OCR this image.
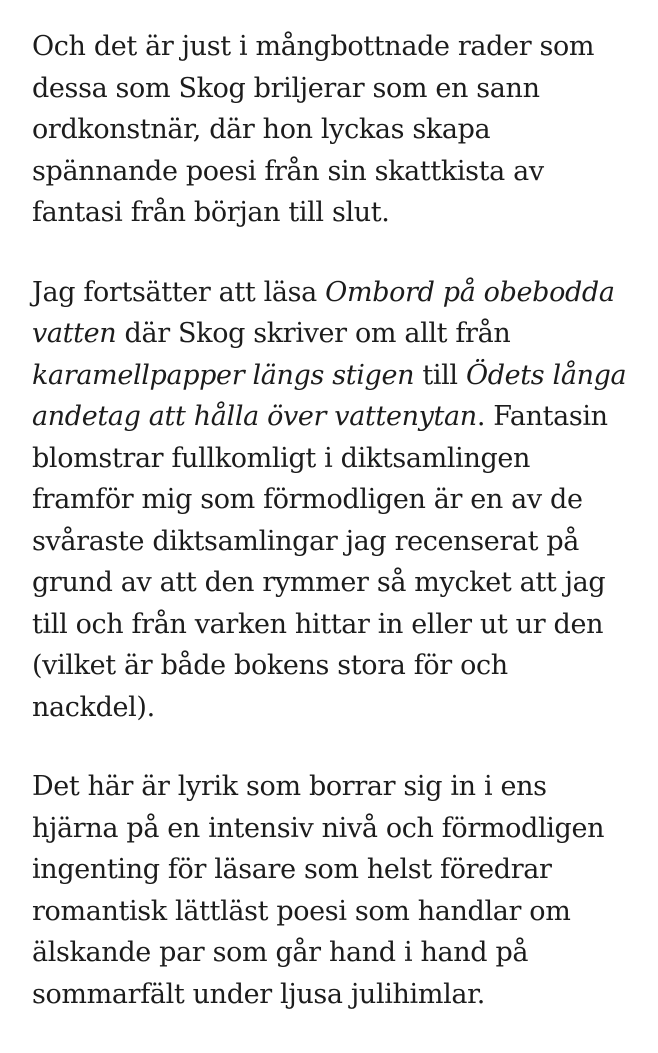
Och det är just i mångbottnade rader som dessa som Skog briljerar som en sann ordkonstnär, där hon lyckas skapa spännande poesi från sin skattkista av fantasi från början till slut.

Jag fortsätter att läsa Ombord på obebodda vatten där Skog skriver om allt från karamellpapper längs stigen till Ödets långa andetag att hålla över vattenytan. Fantasin blomstrar fullkomligt i diktsamlingen framför mig som förmodligen är en av de svåraste diktsamlingar jag recenserat på grund av att den rymmer så mycket att jag till och från varken hittar in eller ut ur den (vilket är både bokens stora för och nackdel).

Det här är lyrik som borrar sig in i ens hjärna på en intensiv nivå och förmodligen ingenting för läsare som helst föredrar romantisk lättläst poesi som handlar om älskande par som går hand i hand på sommarfält under ljusa julihimlar.
